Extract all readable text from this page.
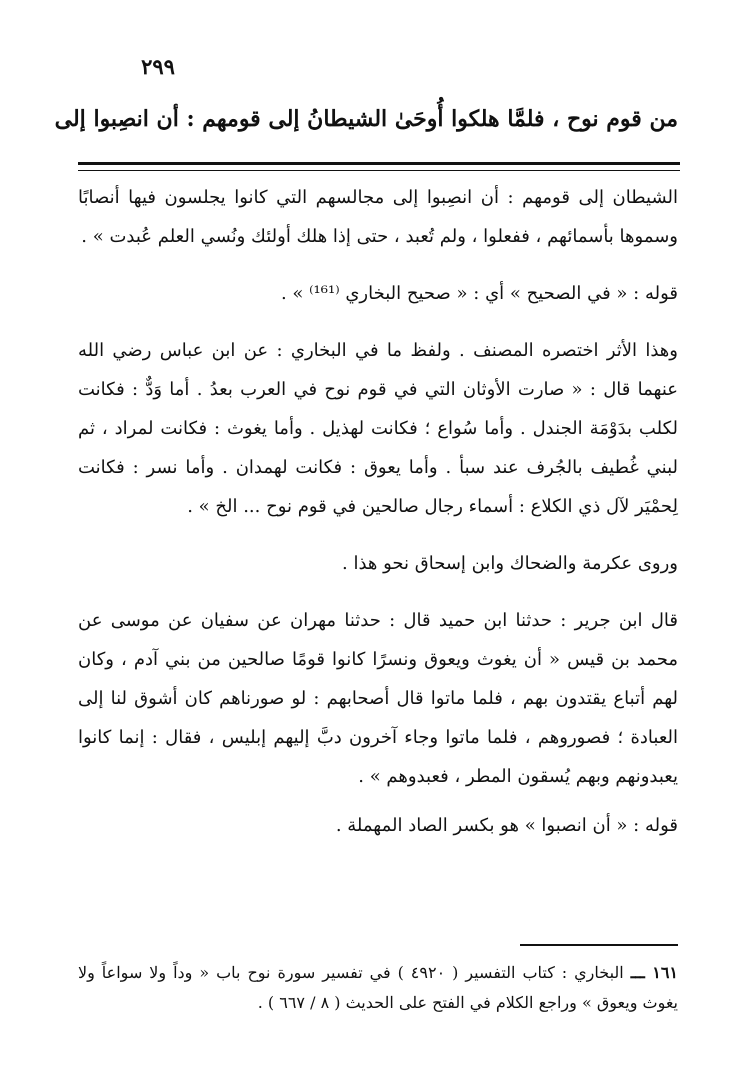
٢٩٩
من قوم نوح ، فلمَّا هلكوا أُوحَىٰ الشيطانُ إلى قومهم : أن انصِبوا إلى

الشيطان إلى قومهم : أن انصِبوا إلى مجالسهم التي كانوا يجلسون فيها أنصابًا وسموها بأسمائهم ، ففعلوا ، ولم تُعبد ، حتى إذا هلك أولئك ونُسي العلم عُبدت » .

قوله : « في الصحيح » أي : « صحيح البخاري ⁽¹⁶¹⁾ » .

وهذا الأثر اختصره المصنف . ولفظ ما في البخاري : عن ابن عباس رضي الله عنهما قال : « صارت الأوثان التي في قوم نوح في العرب بعدُ . أما وَدٌّ : فكانت لكلب بدَوْمَة الجندل . وأما سُواع ؛ فكانت لهذيل . وأما يغوث : فكانت لمراد ، ثم لبني غُطيف بالجُرف عند سبأ . وأما يعوق : فكانت لهمدان . وأما نسر : فكانت لِحمْيَر لآل ذي الكلاع : أسماء رجال صالحين في قوم نوح ... الخ » .

وروى عكرمة والضحاك وابن إسحاق نحو هذا .

قال ابن جرير : حدثنا ابن حميد قال : حدثنا مهران عن سفيان عن موسى عن محمد بن قيس « أن يغوث ويعوق ونسرًا كانوا قومًا صالحين من بني آدم ، وكان لهم أتباع يقتدون بهم ، فلما ماتوا قال أصحابهم : لو صورناهم كان أشوق لنا إلى العبادة ؛ فصوروهم ، فلما ماتوا وجاء آخرون دبَّ إليهم إبليس ، فقال : إنما كانوا يعبدونهم وبهم يُسقون المطر ، فعبدوهم » .

قوله : « أن انصبوا » هو بكسر الصاد المهملة .

١٦١ ـــ البخاري : كتاب التفسير ( ٤٩٢٠ ) في تفسير سورة نوح باب « وداً ولا سواعاً ولا يغوث ويعوق » وراجع الكلام في الفتح على الحديث ( ٨ / ٦٦٧ ) .
